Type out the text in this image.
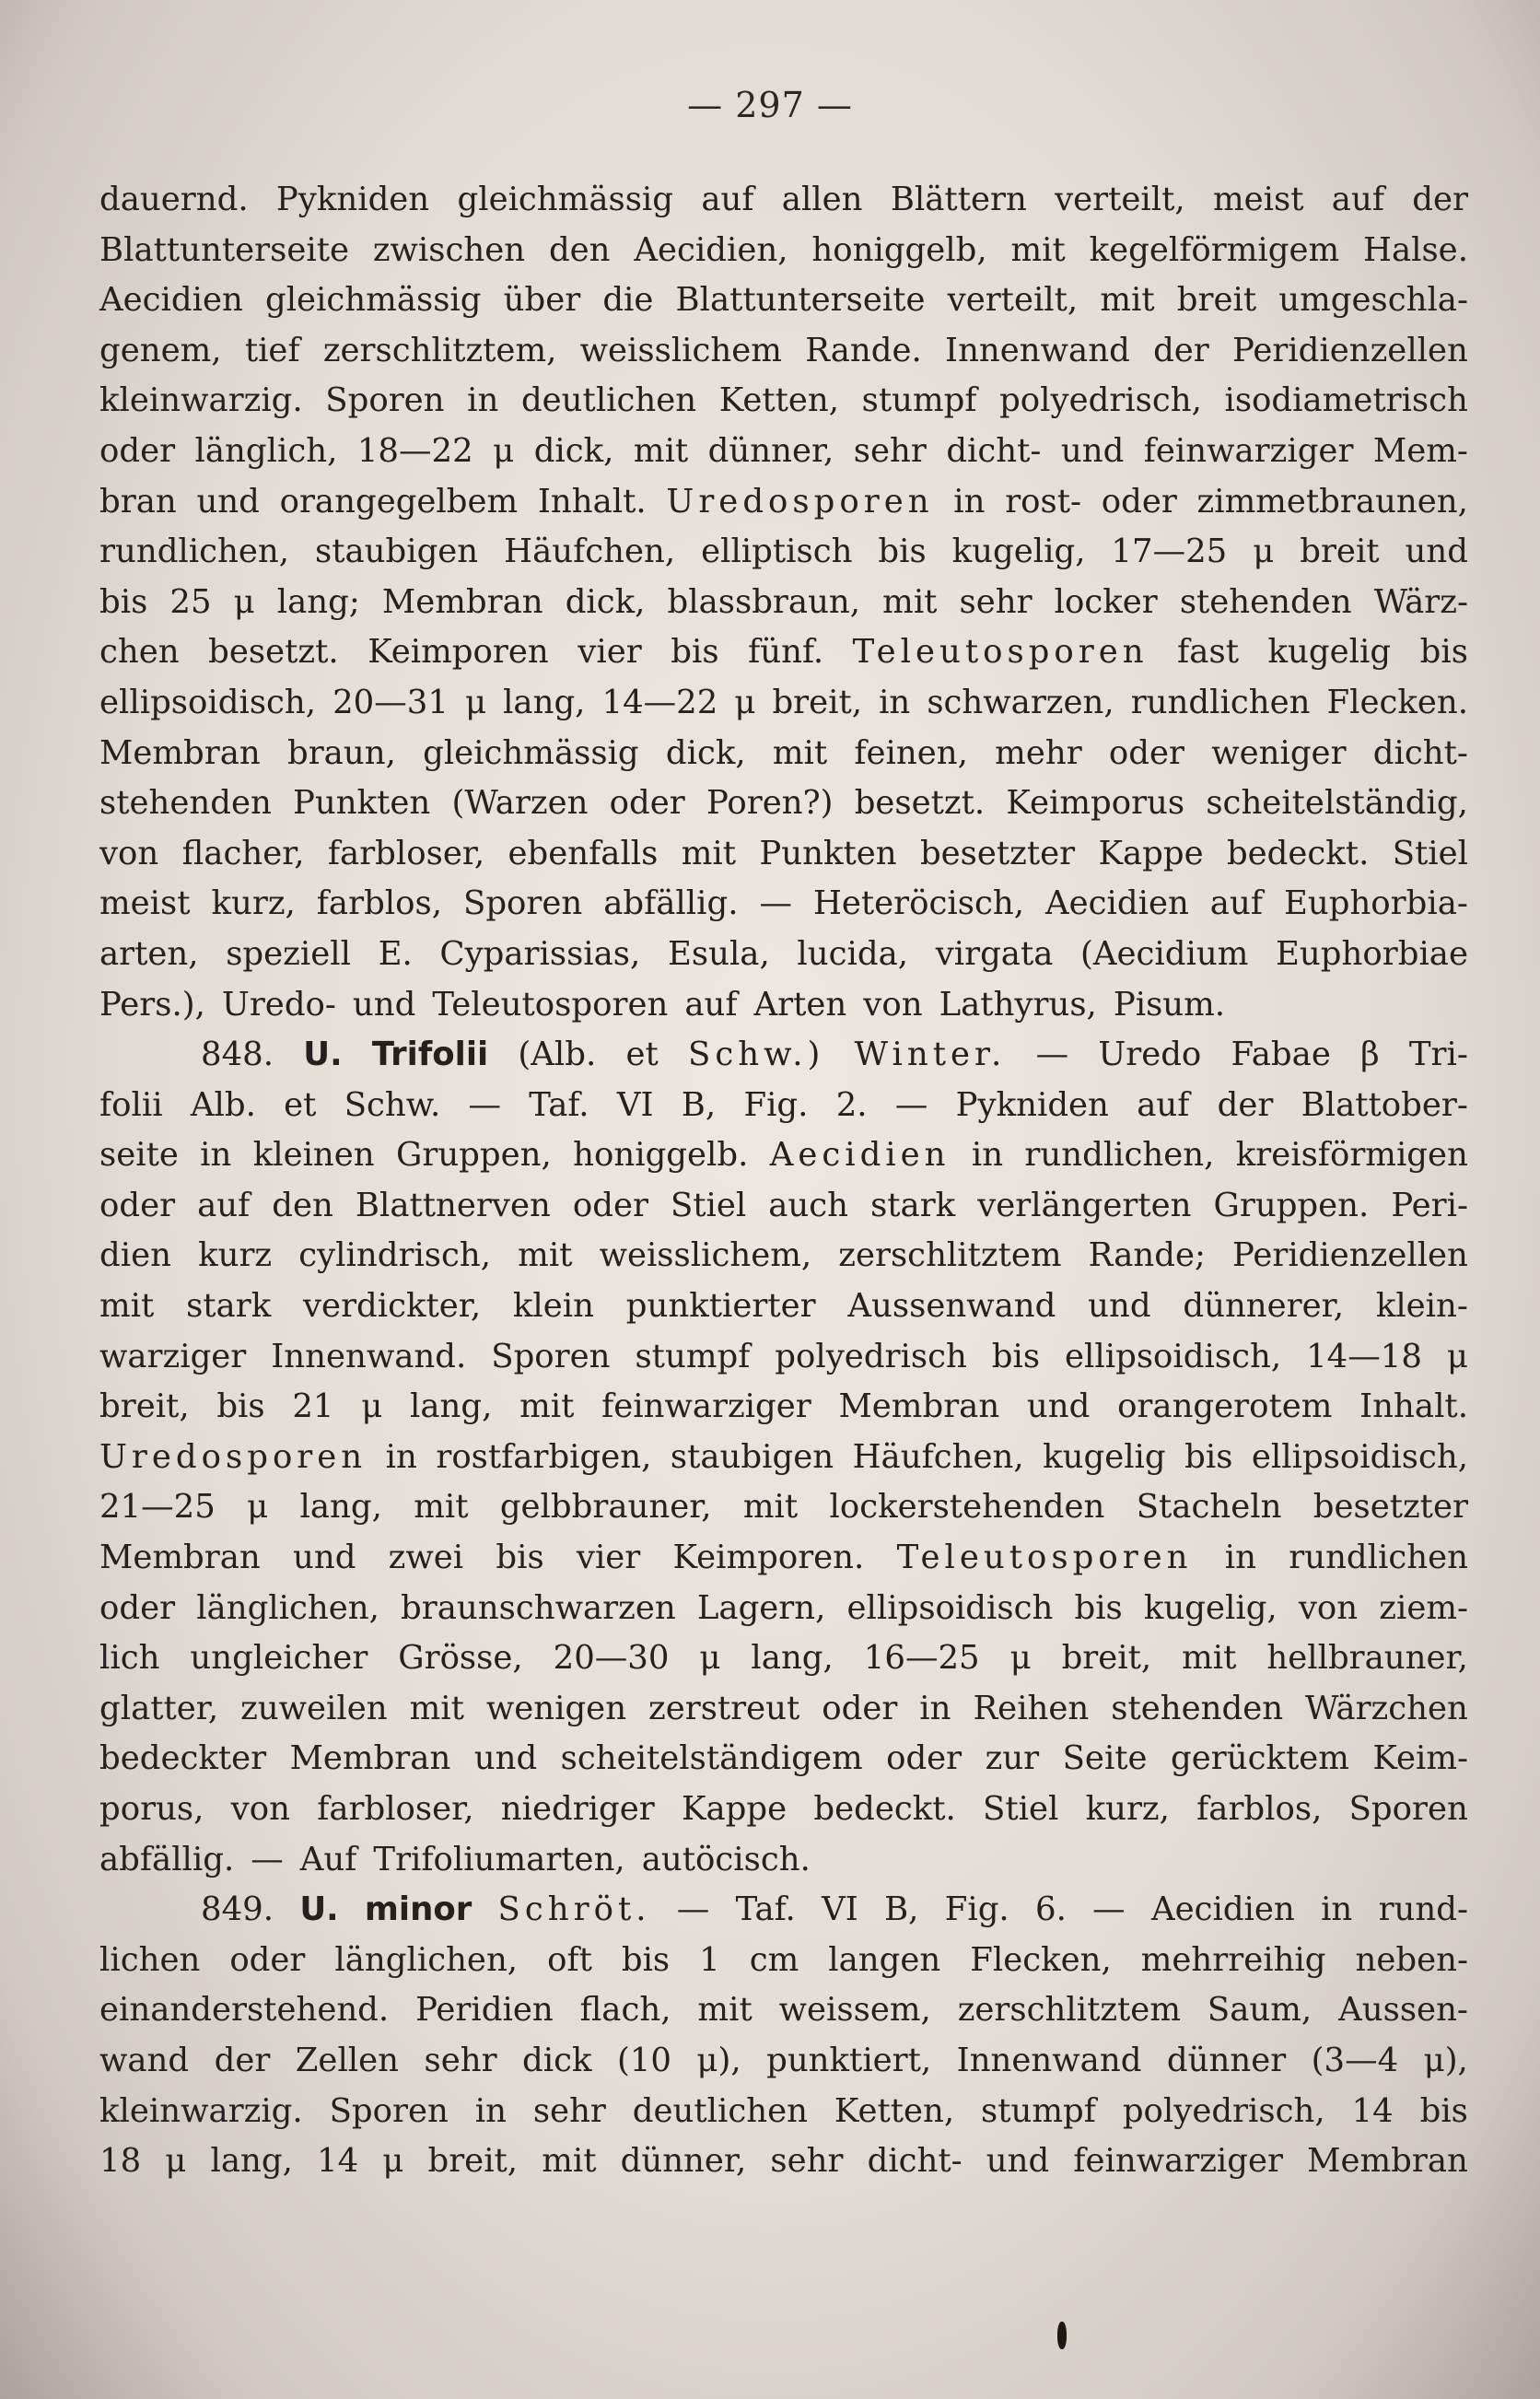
— 297 —
dauernd. Pykniden gleichmässig auf allen Blättern verteilt, meist auf der
Blattunterseite zwischen den Aecidien, honiggelb, mit kegelförmigem Halse.
Aecidien gleichmässig über die Blattunterseite verteilt, mit breit umgeschla-
genem, tief zerschlitztem, weisslichem Rande. Innenwand der Peridienzellen
kleinwarzig. Sporen in deutlichen Ketten, stumpf polyedrisch, isodiametrisch
oder länglich, 18—22 μ dick, mit dünner, sehr dicht- und feinwarziger Mem-
bran und orangegelbem Inhalt. Uredosporen in rost- oder zimmetbraunen,
rundlichen, staubigen Häufchen, elliptisch bis kugelig, 17—25 μ breit und
bis 25 μ lang; Membran dick, blassbraun, mit sehr locker stehenden Wärz-
chen besetzt. Keimporen vier bis fünf. Teleutosporen fast kugelig bis
ellipsoidisch, 20—31 μ lang, 14—22 μ breit, in schwarzen, rundlichen Flecken.
Membran braun, gleichmässig dick, mit feinen, mehr oder weniger dicht-
stehenden Punkten (Warzen oder Poren?) besetzt. Keimporus scheitelständig,
von flacher, farbloser, ebenfalls mit Punkten besetzter Kappe bedeckt. Stiel
meist kurz, farblos, Sporen abfällig. — Heteröcisch, Aecidien auf Euphorbia-
arten, speziell E. Cyparissias, Esula, lucida, virgata (Aecidium Euphorbiae
Pers.), Uredo- und Teleutosporen auf Arten von Lathyrus, Pisum.
848. U. Trifolii (Alb. et Schw.) Winter. — Uredo Fabae β Tri-
folii Alb. et Schw. — Taf. VI B, Fig. 2. — Pykniden auf der Blattober-
seite in kleinen Gruppen, honiggelb. Aecidien in rundlichen, kreisförmigen
oder auf den Blattnerven oder Stiel auch stark verlängerten Gruppen. Peri-
dien kurz cylindrisch, mit weisslichem, zerschlitztem Rande; Peridienzellen
mit stark verdickter, klein punktierter Aussenwand und dünnerer, klein-
warziger Innenwand. Sporen stumpf polyedrisch bis ellipsoidisch, 14—18 μ
breit, bis 21 μ lang, mit feinwarziger Membran und orangerotem Inhalt.
Uredosporen in rostfarbigen, staubigen Häufchen, kugelig bis ellipsoidisch,
21—25 μ lang, mit gelbbrauner, mit lockerstehenden Stacheln besetzter
Membran und zwei bis vier Keimporen. Teleutosporen in rundlichen
oder länglichen, braunschwarzen Lagern, ellipsoidisch bis kugelig, von ziem-
lich ungleicher Grösse, 20—30 μ lang, 16—25 μ breit, mit hellbrauner,
glatter, zuweilen mit wenigen zerstreut oder in Reihen stehenden Wärzchen
bedeckter Membran und scheitelständigem oder zur Seite gerücktem Keim-
porus, von farbloser, niedriger Kappe bedeckt. Stiel kurz, farblos, Sporen
abfällig. — Auf Trifoliumarten, autöcisch.
849. U. minor Schröt. — Taf. VI B, Fig. 6. — Aecidien in rund-
lichen oder länglichen, oft bis 1 cm langen Flecken, mehrreihig neben-
einanderstehend. Peridien flach, mit weissem, zerschlitztem Saum, Aussen-
wand der Zellen sehr dick (10 μ), punktiert, Innenwand dünner (3—4 μ),
kleinwarzig. Sporen in sehr deutlichen Ketten, stumpf polyedrisch, 14 bis
18 μ lang, 14 μ breit, mit dünner, sehr dicht- und feinwarziger Membran
